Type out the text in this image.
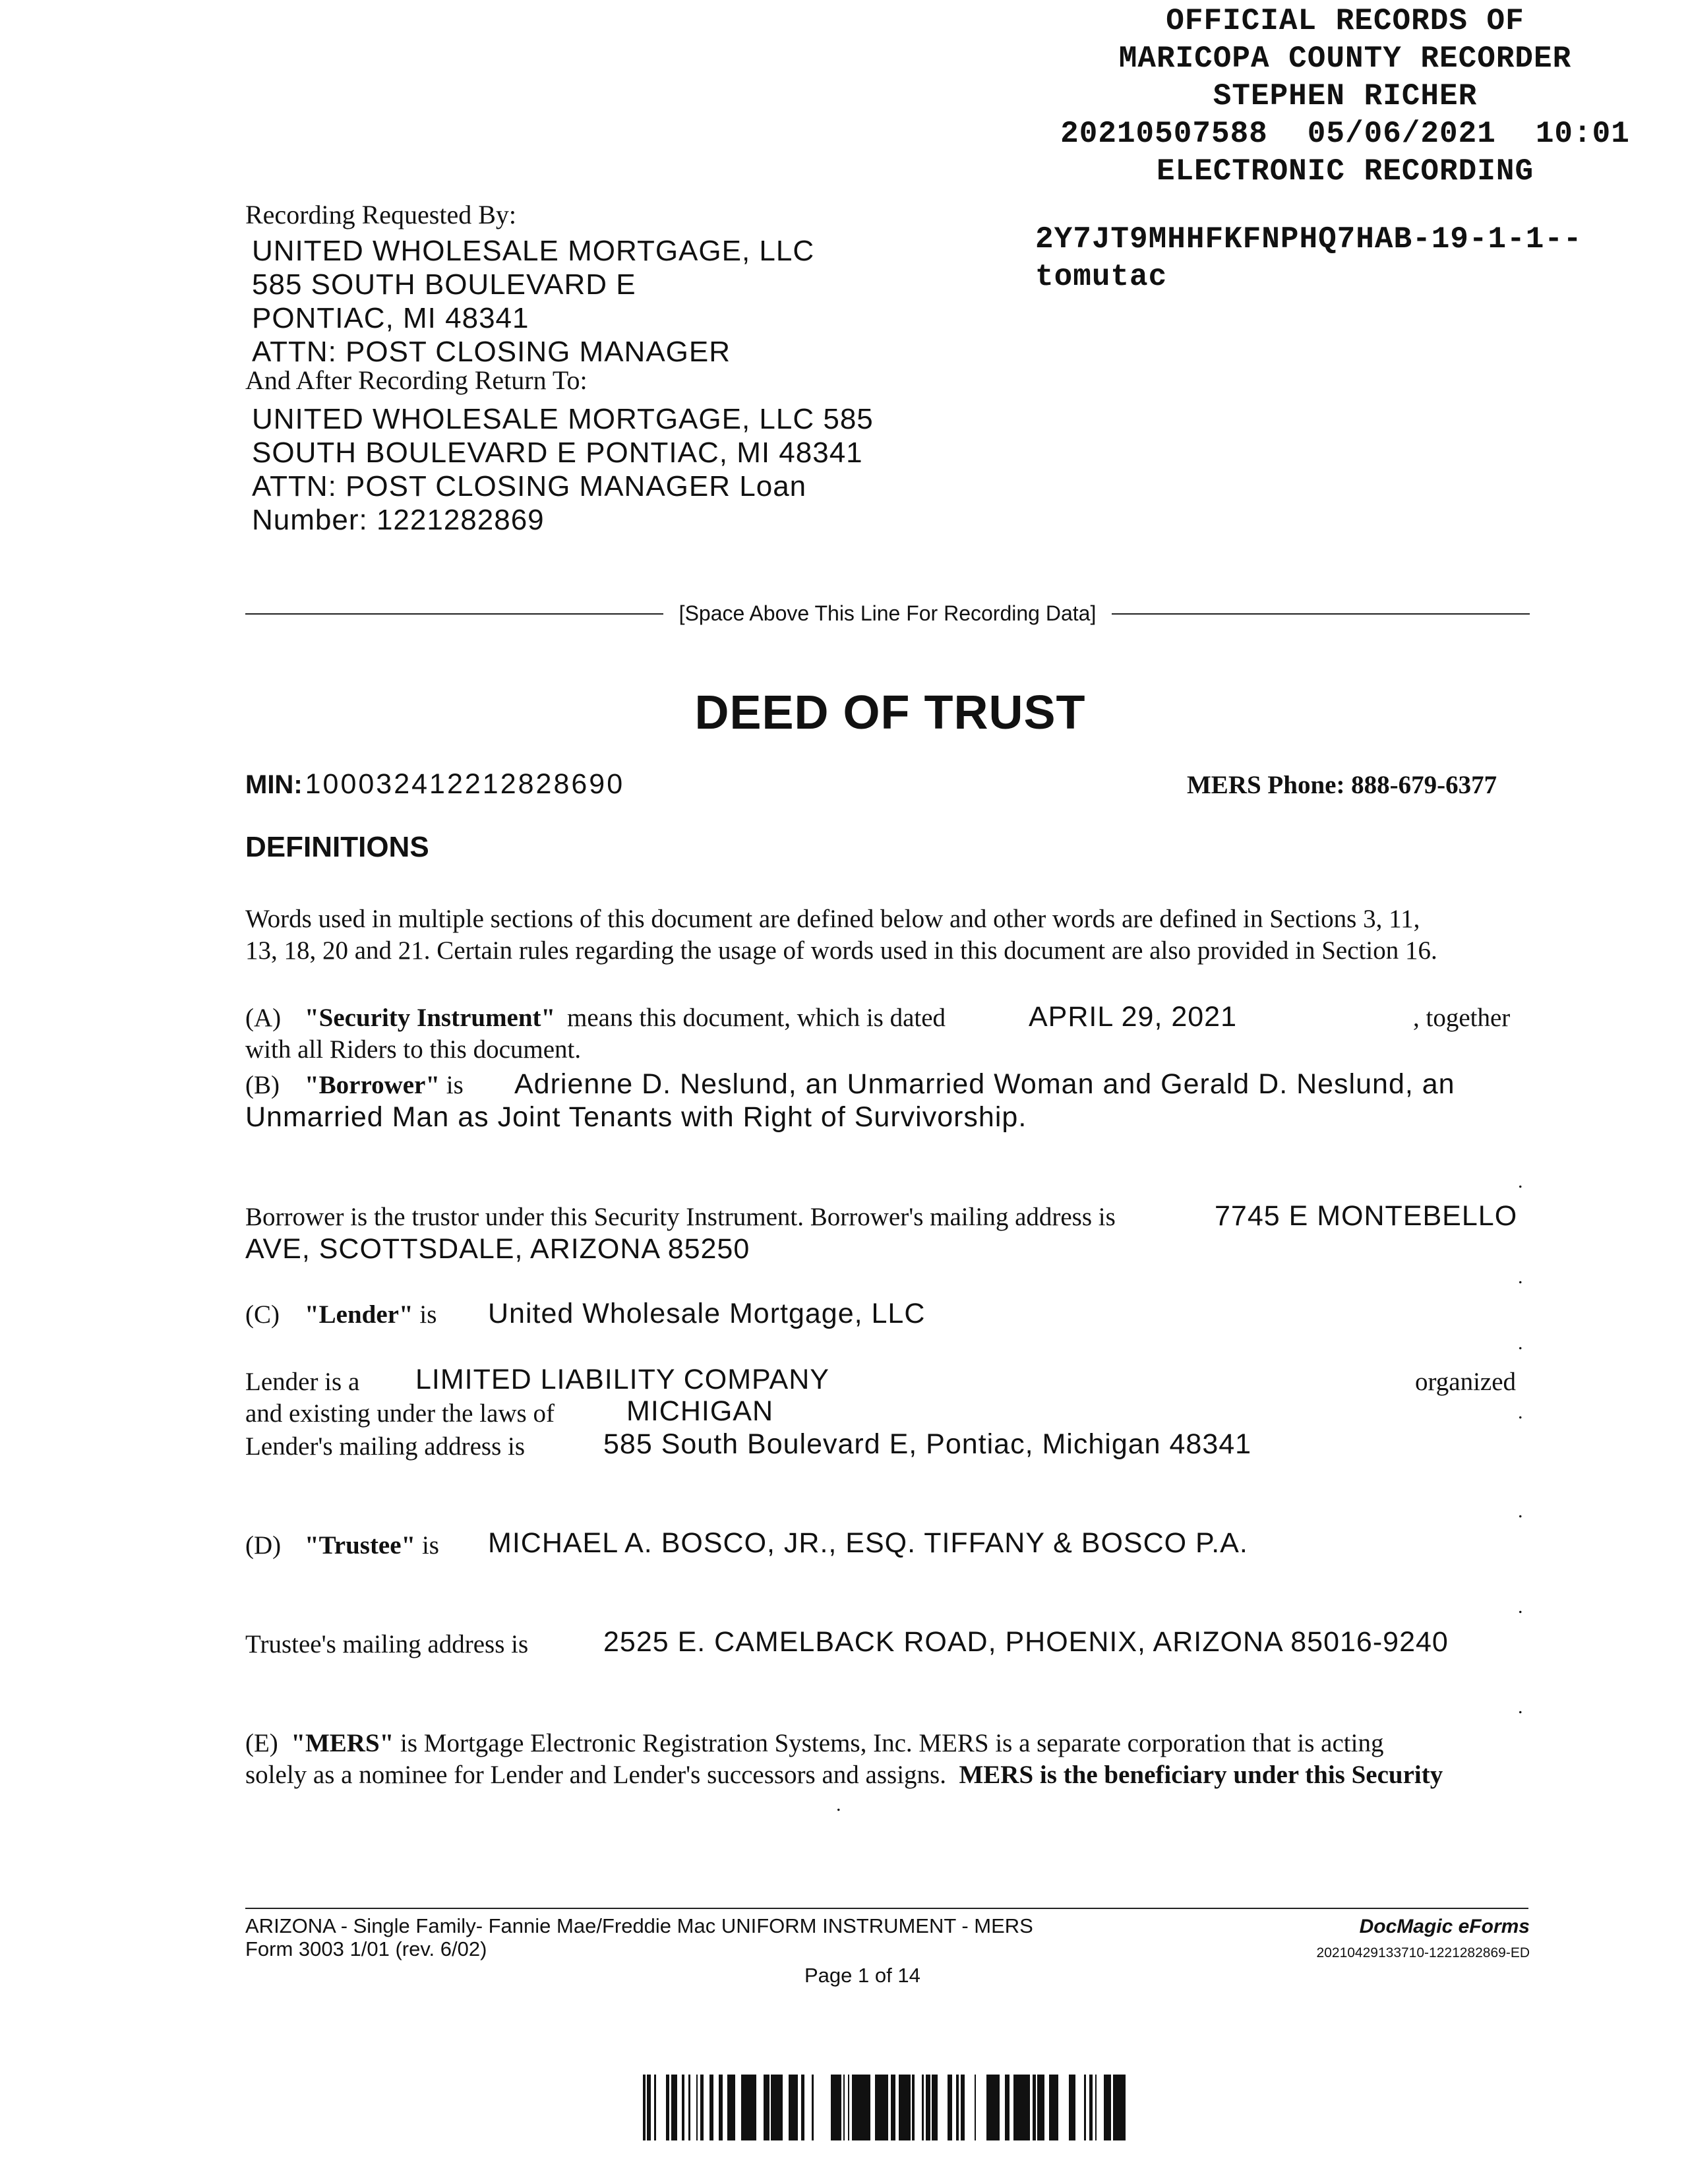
OFFICIAL RECORDS OF
MARICOPA COUNTY RECORDER
STEPHEN RICHER
20210507588 05/06/2021 10:01
ELECTRONIC RECORDING
2Y7JT9MHHFKFNPHQ7HAB-19-1-1--
tomutac
Recording Requested By:
UNITED WHOLESALE MORTGAGE, LLC
585 SOUTH BOULEVARD E
PONTIAC, MI 48341
ATTN: POST CLOSING MANAGER
And After Recording Return To:
UNITED WHOLESALE MORTGAGE, LLC 585
SOUTH BOULEVARD E PONTIAC, MI 48341
ATTN: POST CLOSING MANAGER Loan
Number: 1221282869
[Space Above This Line For Recording Data]
DEED OF TRUST
MIN: 100032412212828690	MERS Phone: 888-679-6377
DEFINITIONS
Words used in multiple sections of this document are defined below and other words are defined in Sections 3, 11,
13, 18, 20 and 21. Certain rules regarding the usage of words used in this document are also provided in Section 16.
(A) "Security Instrument" means this document, which is dated	APRIL 29, 2021	, together
with all Riders to this document.
(B) "Borrower" is Adrienne D. Neslund, an Unmarried Woman and Gerald D. Neslund, an
Unmarried Man as Joint Tenants with Right of Survivorship.
.
Borrower is the trustor under this Security Instrument. Borrower's mailing address is	7745 E MONTEBELLO
AVE, SCOTTSDALE, ARIZONA 85250
.
(C) "Lender" is United Wholesale Mortgage, LLC
.
Lender is a LIMITED LIABILITY COMPANY	organized
and existing under the laws of	MICHIGAN	.
Lender's mailing address is	585 South Boulevard E, Pontiac, Michigan 48341
.
(D) "Trustee" is MICHAEL A. BOSCO, JR., ESQ. TIFFANY & BOSCO P.A.
.
Trustee's mailing address is	2525 E. CAMELBACK ROAD, PHOENIX, ARIZONA 85016-9240
.
(E) "MERS" is Mortgage Electronic Registration Systems, Inc. MERS is a separate corporation that is acting
solely as a nominee for Lender and Lender's successors and assigns. MERS is the beneficiary under this Security
.
ARIZONA - Single Family- Fannie Mae/Freddie Mac UNIFORM INSTRUMENT - MERS
Form 3003 1/01 (rev. 6/02)
DocMagic eForms
20210429133710-1221282869-ED
Page 1 of 14
